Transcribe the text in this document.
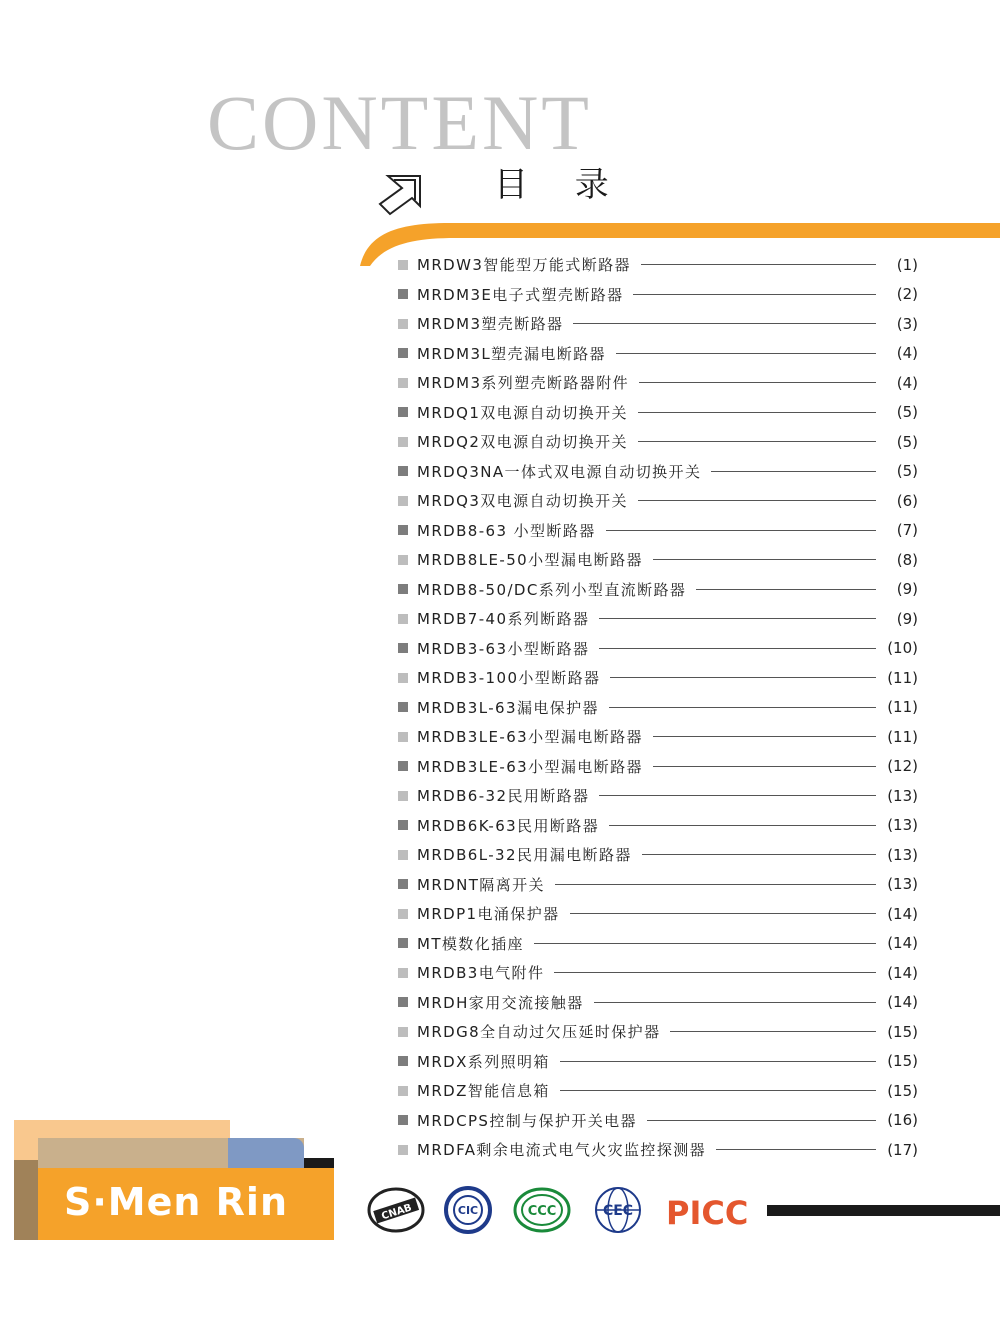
CONTENT
目 录
MRDW3智能型万能式断路器	(1)
MRDM3E电子式塑壳断路器	(2)
MRDM3塑壳断路器	(3)
MRDM3L塑壳漏电断路器	(4)
MRDM3系列塑壳断路器附件	(4)
MRDQ1双电源自动切换开关	(5)
MRDQ2双电源自动切换开关	(5)
MRDQ3NA一体式双电源自动切换开关	(5)
MRDQ3双电源自动切换开关	(6)
MRDB8-63 小型断路器	(7)
MRDB8LE-50小型漏电断路器	(8)
MRDB8-50/DC系列小型直流断路器	(9)
MRDB7-40系列断路器	(9)
MRDB3-63小型断路器	(10)
MRDB3-100小型断路器	(11)
MRDB3L-63漏电保护器	(11)
MRDB3LE-63小型漏电断路器	(11)
MRDB3LE-63小型漏电断路器	(12)
MRDB6-32民用断路器	(13)
MRDB6K-63民用断路器	(13)
MRDB6L-32民用漏电断路器	(13)
MRDNT隔离开关	(13)
MRDP1电涌保护器	(14)
MT模数化插座	(14)
MRDB3电气附件	(14)
MRDH家用交流接触器	(14)
MRDG8全自动过欠压延时保护器	(15)
MRDX系列照明箱	(15)
MRDZ智能信息箱	(15)
MRDCPS控制与保护开关电器	(16)
MRDFA剩余电流式电气火灾监控探测器	(17)
S·Men Rin	CNAB	CIC	CCC	CEC PICC
